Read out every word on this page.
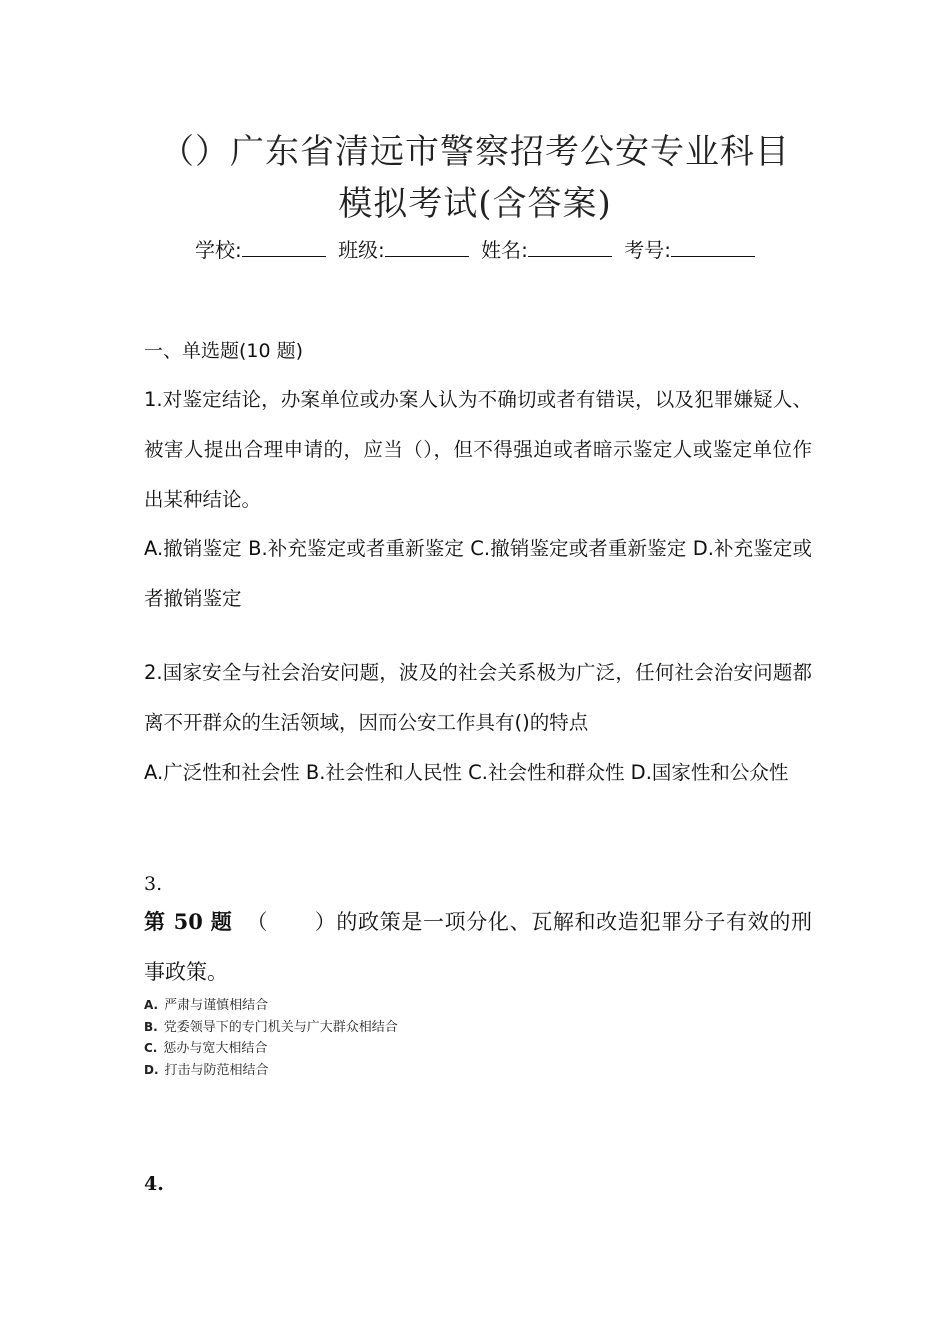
（）广东省清远市警察招考公安专业科目
模拟考试(含答案)
学校:	班级:	姓名:	考号:
一、单选题(10 题)
1.对鉴定结论，办案单位或办案人认为不确切或者有错误，以及犯罪嫌疑人、被害人提出合理申请的，应当（），但不得强迫或者暗示鉴定人或鉴定单位作出某种结论。
A.撤销鉴定 B.补充鉴定或者重新鉴定 C.撤销鉴定或者重新鉴定 D.补充鉴定或者撤销鉴定
2.国家安全与社会治安问题，波及的社会关系极为广泛，任何社会治安问题都离不开群众的生活领域，因而公安工作具有()的特点
A.广泛性和社会性 B.社会性和人民性 C.社会性和群众性 D.国家性和公众性
3.
第 50 题 （ ）的政策是一项分化、瓦解和改造犯罪分子有效的刑事政策。
A. 严肃与谨慎相结合
B. 党委领导下的专门机关与广大群众相结合
C. 惩办与宽大相结合
D. 打击与防范相结合
4.
